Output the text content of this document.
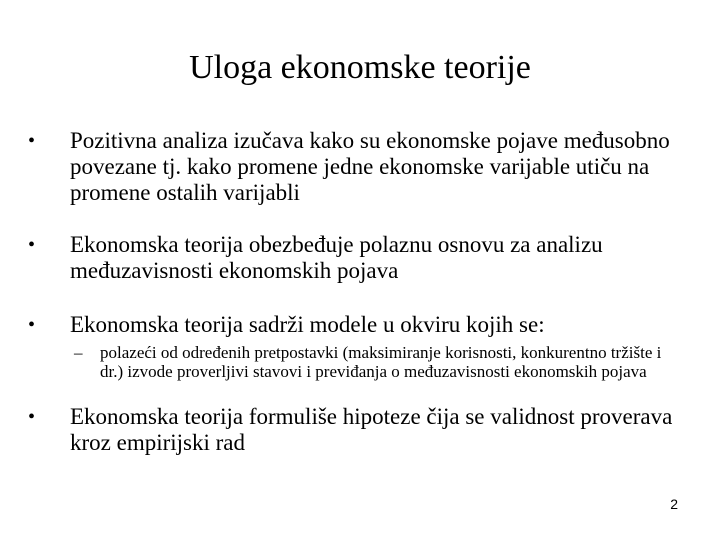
Uloga ekonomske teorije
•	Pozitivna analiza izučava kako su ekonomske pojave međusobno povezane tj. kako promene jedne ekonomske varijable utiču na promene ostalih varijabli
•	Ekonomska teorija obezbeđuje polaznu osnovu za analizu međuzavisnosti ekonomskih pojava
•	Ekonomska teorija sadrži modele u okviru kojih se:
–	polazeći od određenih pretpostavki (maksimiranje korisnosti, konkurentno tržište i dr.) izvode proverljivi stavovi i previđanja o međuzavisnosti ekonomskih pojava
•	Ekonomska teorija formuliše hipoteze čija se validnost proverava kroz empirijski rad
2
